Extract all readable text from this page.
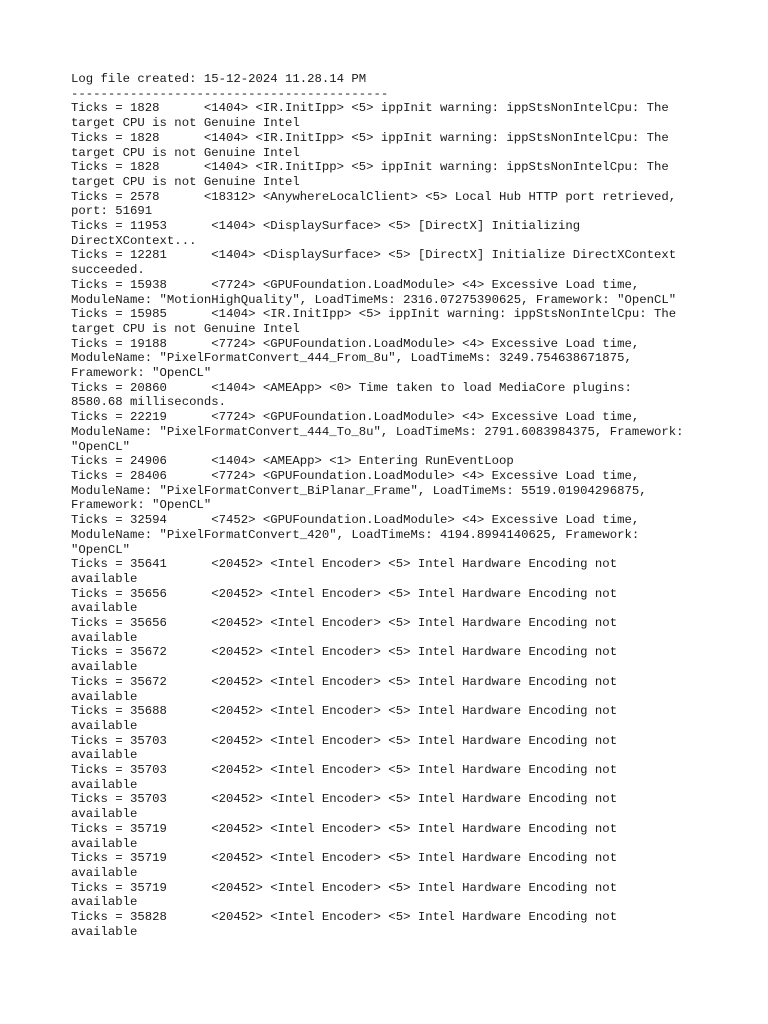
Log file created: 15-12-2024 11.28.14 PM
-------------------------------------------
Ticks = 1828      <1404> <IR.InitIpp> <5> ippInit warning: ippStsNonIntelCpu: The
target CPU is not Genuine Intel
Ticks = 1828      <1404> <IR.InitIpp> <5> ippInit warning: ippStsNonIntelCpu: The
target CPU is not Genuine Intel
Ticks = 1828      <1404> <IR.InitIpp> <5> ippInit warning: ippStsNonIntelCpu: The
target CPU is not Genuine Intel
Ticks = 2578      <18312> <AnywhereLocalClient> <5> Local Hub HTTP port retrieved,
port: 51691
Ticks = 11953      <1404> <DisplaySurface> <5> [DirectX] Initializing
DirectXContext...
Ticks = 12281      <1404> <DisplaySurface> <5> [DirectX] Initialize DirectXContext
succeeded.
Ticks = 15938      <7724> <GPUFoundation.LoadModule> <4> Excessive Load time,
ModuleName: "MotionHighQuality", LoadTimeMs: 2316.07275390625, Framework: "OpenCL"
Ticks = 15985      <1404> <IR.InitIpp> <5> ippInit warning: ippStsNonIntelCpu: The
target CPU is not Genuine Intel
Ticks = 19188      <7724> <GPUFoundation.LoadModule> <4> Excessive Load time,
ModuleName: "PixelFormatConvert_444_From_8u", LoadTimeMs: 3249.754638671875,
Framework: "OpenCL"
Ticks = 20860      <1404> <AMEApp> <0> Time taken to load MediaCore plugins:
8580.68 milliseconds.
Ticks = 22219      <7724> <GPUFoundation.LoadModule> <4> Excessive Load time,
ModuleName: "PixelFormatConvert_444_To_8u", LoadTimeMs: 2791.6083984375, Framework:
"OpenCL"
Ticks = 24906      <1404> <AMEApp> <1> Entering RunEventLoop
Ticks = 28406      <7724> <GPUFoundation.LoadModule> <4> Excessive Load time,
ModuleName: "PixelFormatConvert_BiPlanar_Frame", LoadTimeMs: 5519.01904296875,
Framework: "OpenCL"
Ticks = 32594      <7452> <GPUFoundation.LoadModule> <4> Excessive Load time,
ModuleName: "PixelFormatConvert_420", LoadTimeMs: 4194.8994140625, Framework:
"OpenCL"
Ticks = 35641      <20452> <Intel Encoder> <5> Intel Hardware Encoding not
available
Ticks = 35656      <20452> <Intel Encoder> <5> Intel Hardware Encoding not
available
Ticks = 35656      <20452> <Intel Encoder> <5> Intel Hardware Encoding not
available
Ticks = 35672      <20452> <Intel Encoder> <5> Intel Hardware Encoding not
available
Ticks = 35672      <20452> <Intel Encoder> <5> Intel Hardware Encoding not
available
Ticks = 35688      <20452> <Intel Encoder> <5> Intel Hardware Encoding not
available
Ticks = 35703      <20452> <Intel Encoder> <5> Intel Hardware Encoding not
available
Ticks = 35703      <20452> <Intel Encoder> <5> Intel Hardware Encoding not
available
Ticks = 35703      <20452> <Intel Encoder> <5> Intel Hardware Encoding not
available
Ticks = 35719      <20452> <Intel Encoder> <5> Intel Hardware Encoding not
available
Ticks = 35719      <20452> <Intel Encoder> <5> Intel Hardware Encoding not
available
Ticks = 35719      <20452> <Intel Encoder> <5> Intel Hardware Encoding not
available
Ticks = 35828      <20452> <Intel Encoder> <5> Intel Hardware Encoding not
available
